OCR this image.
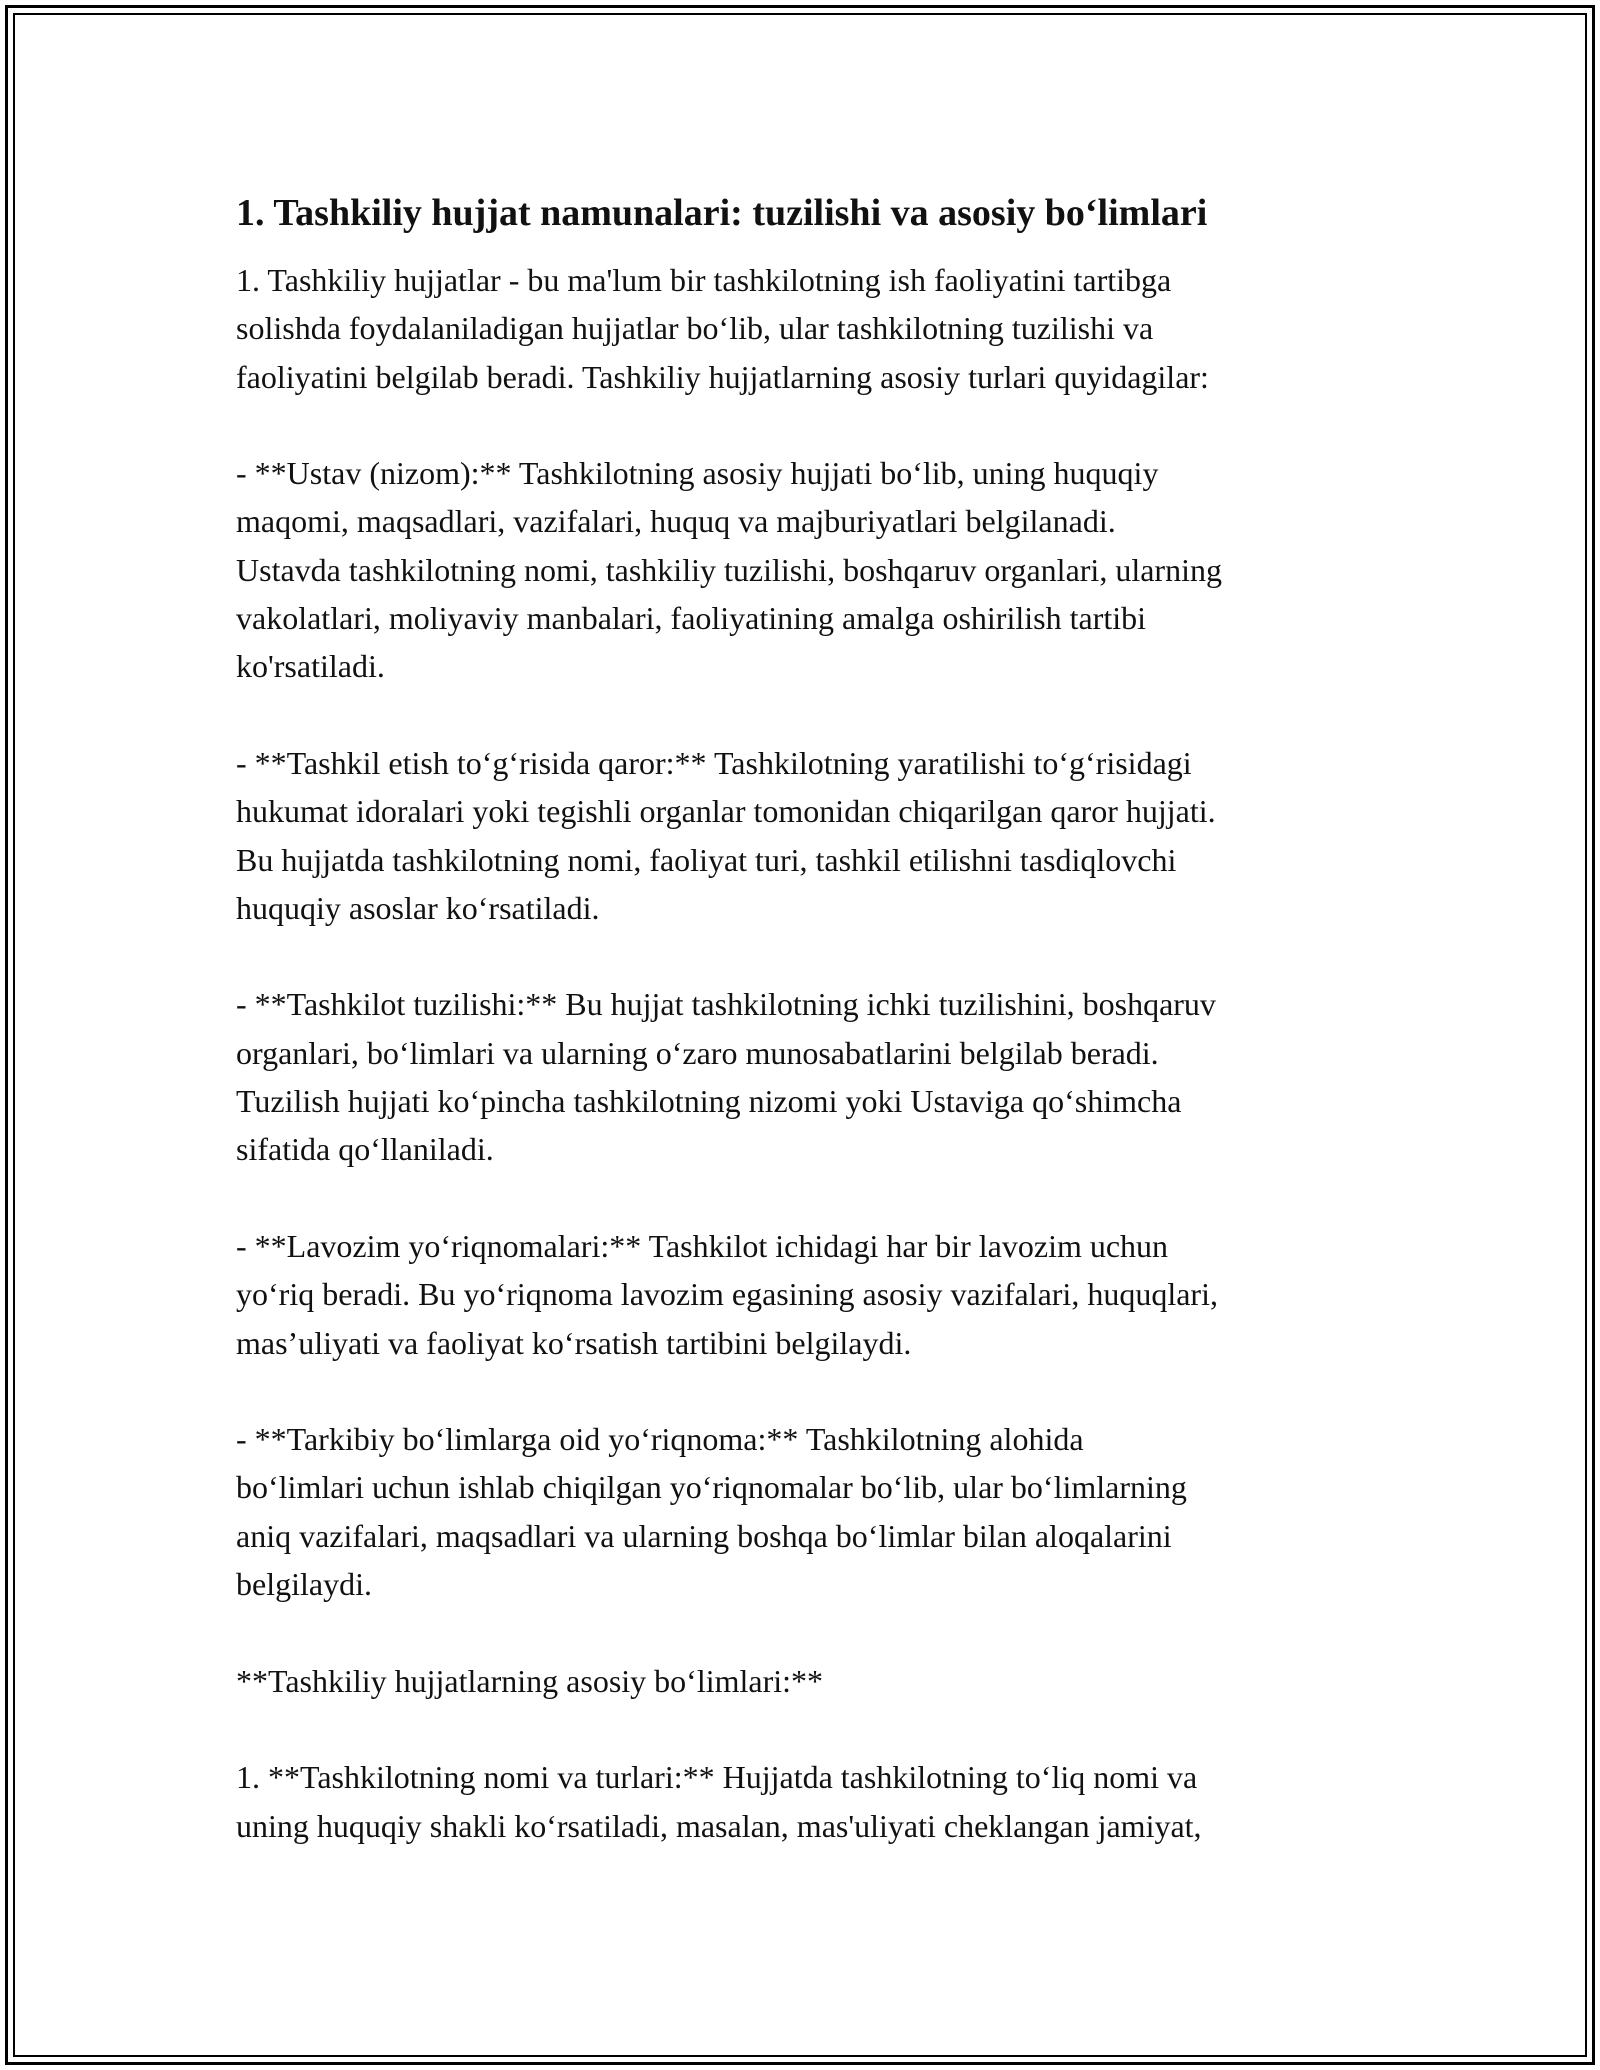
1. Tashkiliy hujjat namunalari: tuzilishi va asosiy bo‘limlari

1. Tashkiliy hujjatlar - bu ma'lum bir tashkilotning ish faoliyatini tartibga
solishda foydalaniladigan hujjatlar bo‘lib, ular tashkilotning tuzilishi va
faoliyatini belgilab beradi. Tashkiliy hujjatlarning asosiy turlari quyidagilar:

- **Ustav (nizom):** Tashkilotning asosiy hujjati bo‘lib, uning huquqiy
maqomi, maqsadlari, vazifalari, huquq va majburiyatlari belgilanadi.
Ustavda tashkilotning nomi, tashkiliy tuzilishi, boshqaruv organlari, ularning
vakolatlari, moliyaviy manbalari, faoliyatining amalga oshirilish tartibi
ko'rsatiladi.

- **Tashkil etish to‘g‘risida qaror:** Tashkilotning yaratilishi to‘g‘risidagi
hukumat idoralari yoki tegishli organlar tomonidan chiqarilgan qaror hujjati.
Bu hujjatda tashkilotning nomi, faoliyat turi, tashkil etilishni tasdiqlovchi
huquqiy asoslar ko‘rsatiladi.

- **Tashkilot tuzilishi:** Bu hujjat tashkilotning ichki tuzilishini, boshqaruv
organlari, bo‘limlari va ularning o‘zaro munosabatlarini belgilab beradi.
Tuzilish hujjati ko‘pincha tashkilotning nizomi yoki Ustaviga qo‘shimcha
sifatida qo‘llaniladi.

- **Lavozim yo‘riqnomalari:** Tashkilot ichidagi har bir lavozim uchun
yo‘riq beradi. Bu yo‘riqnoma lavozim egasining asosiy vazifalari, huquqlari,
mas’uliyati va faoliyat ko‘rsatish tartibini belgilaydi.

- **Tarkibiy bo‘limlarga oid yo‘riqnoma:** Tashkilotning alohida
bo‘limlari uchun ishlab chiqilgan yo‘riqnomalar bo‘lib, ular bo‘limlarning
aniq vazifalari, maqsadlari va ularning boshqa bo‘limlar bilan aloqalarini
belgilaydi.

**Tashkiliy hujjatlarning asosiy bo‘limlari:**

1. **Tashkilotning nomi va turlari:** Hujjatda tashkilotning to‘liq nomi va
uning huquqiy shakli ko‘rsatiladi, masalan, mas'uliyati cheklangan jamiyat,
